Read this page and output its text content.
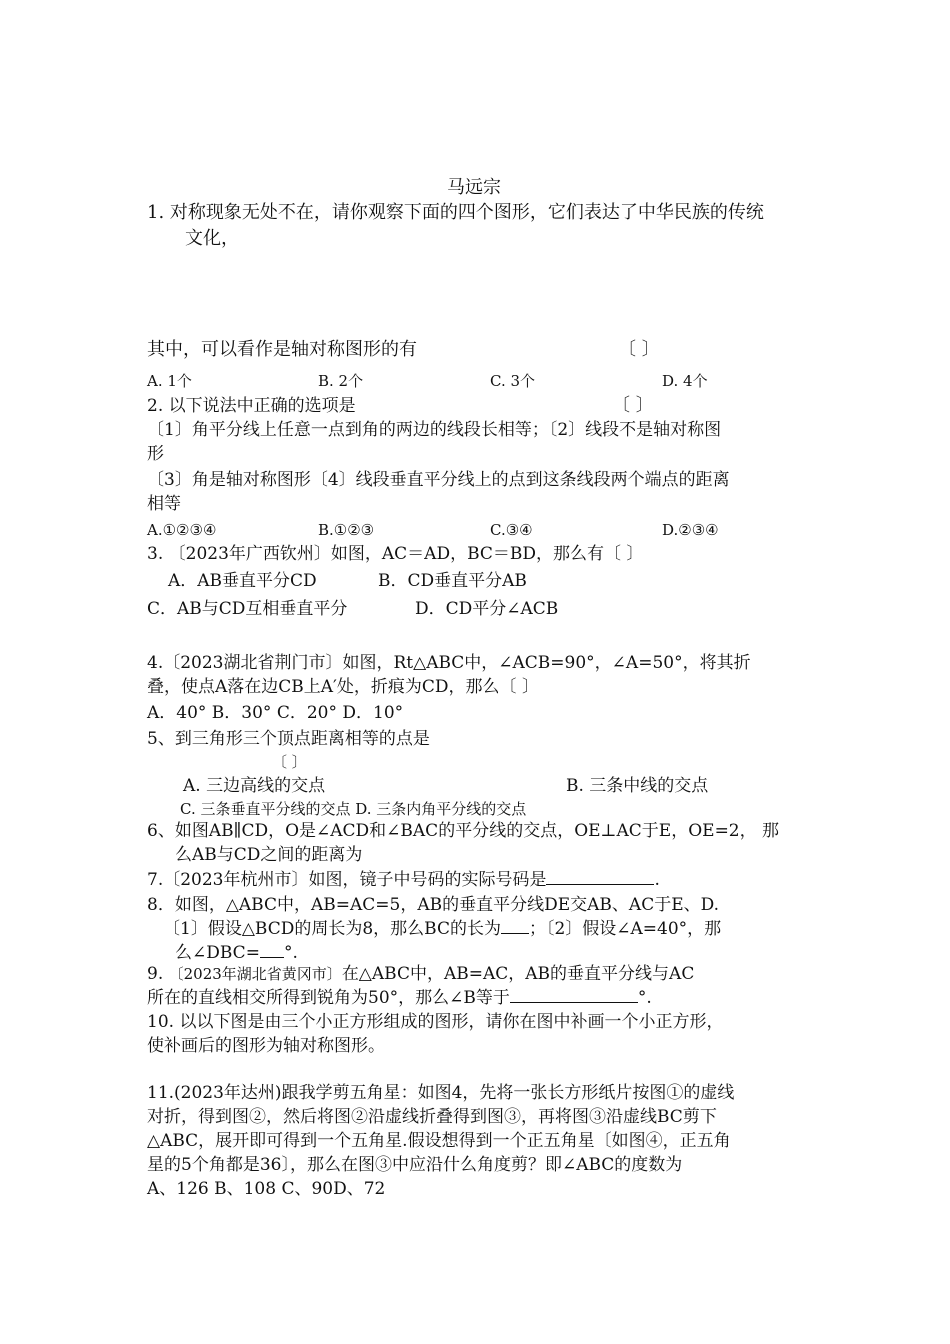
马远宗
1. 对称现象无处不在，请你观察下面的四个图形，它们表达了中华民族的传统
文化，
其中，可以看作是轴对称图形的有	〔 〕
A. 1个	B. 2个	C. 3个	D. 4个
2. 以下说法中正确的选项是	〔 〕
〔1〕角平分线上任意一点到角的两边的线段长相等；〔2〕线段不是轴对称图
形
〔3〕角是轴对称图形〔4〕线段垂直平分线上的点到这条线段两个端点的距离
相等
A.①②③④	B.①②③	C.③④	D.②③④
3. 〔2023年广西钦州〕如图，AC＝AD，BC＝BD，那么有〔 〕
A．AB垂直平分CD	B．CD垂直平分AB
C．AB与CD互相垂直平分	D．CD平分∠ACB
4.〔2023湖北省荆门市〕如图，Rt△ABC中，∠ACB=90°，∠A=50°，将其折
叠，使点A落在边CB上A′处，折痕为CD，那么〔 〕
A．40° B．30° C．20° D．10°
5、到三角形三个顶点距离相等的点是
〔 〕
A. 三边高线的交点	B. 三条中线的交点
C. 三条垂直平分线的交点 D. 三条内角平分线的交点
6、如图AB∥CD，O是∠ACD和∠BAC的平分线的交点，OE⊥AC于E，OE=2， 那
么AB与CD之间的距离为
7.〔2023年杭州市〕如图，镜子中号码的实际号码是	.
8．如图，△ABC中，AB=AC=5，AB的垂直平分线DE交AB、AC于E、D.
〔1〕假设△BCD的周长为8，那么BC的长为 ；〔2〕假设∠A=40°，那
么∠DBC= °.
9. 〔2023年湖北省黄冈市〕在△ABC中，AB=AC，AB的垂直平分线与AC
所在的直线相交所得到锐角为50°，那么∠B等于	°.
10. 以以下图是由三个小正方形组成的图形，请你在图中补画一个小正方形，
使补画后的图形为轴对称图形。
11.(2023年达州)跟我学剪五角星：如图4，先将一张长方形纸片按图①的虚线
对折，得到图②，然后将图②沿虚线折叠得到图③，再将图③沿虚线BC剪下
△ABC，展开即可得到一个五角星.假设想得到一个正五角星〔如图④，正五角
星的5个角都是36〕，那么在图③中应沿什么角度剪？即∠ABC的度数为
A、126 B、108 C、90D、72
